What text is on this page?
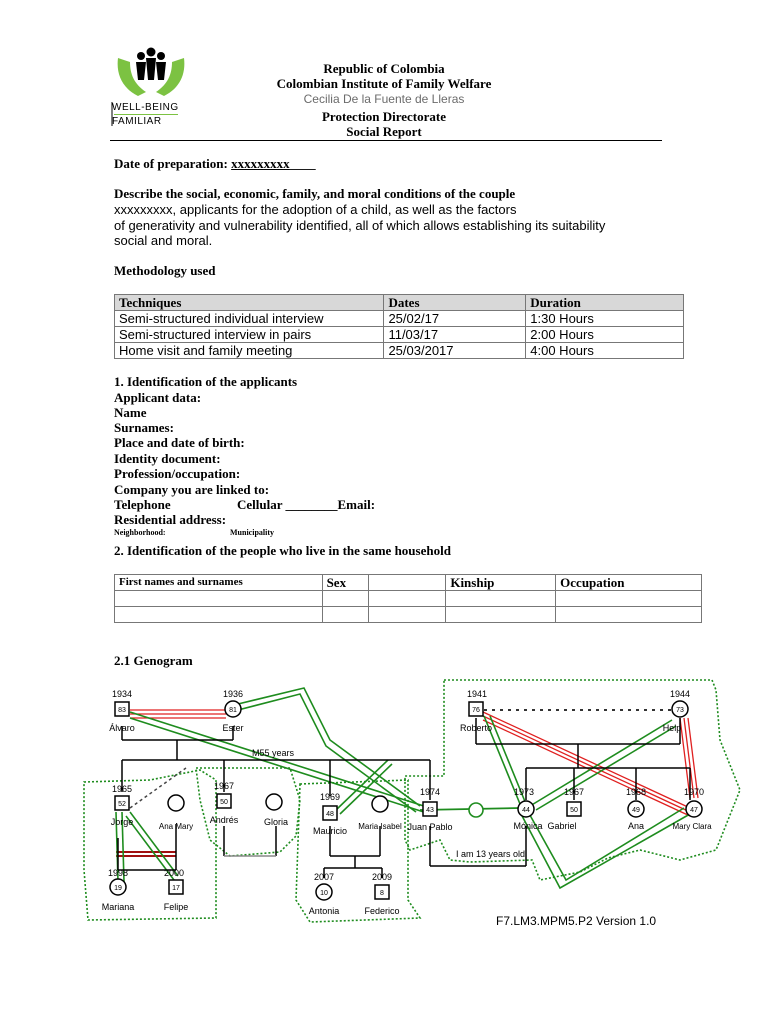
WELL-BEING
FAMILIAR
Republic of Colombia
Colombian Institute of Family Welfare
Cecilia De la Fuente de Lleras
Protection Directorate
Social Report
Date of preparation: xxxxxxxxx____
Describe the social, economic, family, and moral conditions of the couple
xxxxxxxxx, applicants for the adoption of a child, as well as the factors
of generativity and vulnerability identified, all of which allows establishing its suitability
social and moral.
Methodology used
Techniques	Dates	Duration
Semi-structured individual interview	25/02/17	1:30 Hours
Semi-structured interview in pairs	11/03/17	2:00 Hours
Home visit and family meeting	25/03/2017	4:00 Hours
1. Identification of the applicants
Applicant data:
Name
Surnames:
Place and date of birth:
Identity document:
Profession/occupation:
Company you are linked to:
Telephone	Cellular ________Email:
Residential address:
Neighborhood:	Municipality
2. Identification of the people who live in the same household
First names and surnames	Sex		Kinship	Occupation

2.1 Genogram
83	81	76	73
52	50
48
43	44	50	49	47
19	17
10	8
1934	1936	1941	1944
1965	1967
1969	1974	1973	1967	1968	1970
1998	2000	2007	2009
Álvaro	Ester	Roberto	Help
Jorge	Ana Mary
Andrés	Gloria
Mauricio Maria Isabel Juan Pablo	Mónica Gabriel	Ana	Mary Clara
Mariana	Felipe	Antonia	Federico
M55 years
I am 13 years old
F7.LM3.MPM5.P2 Version 1.0
